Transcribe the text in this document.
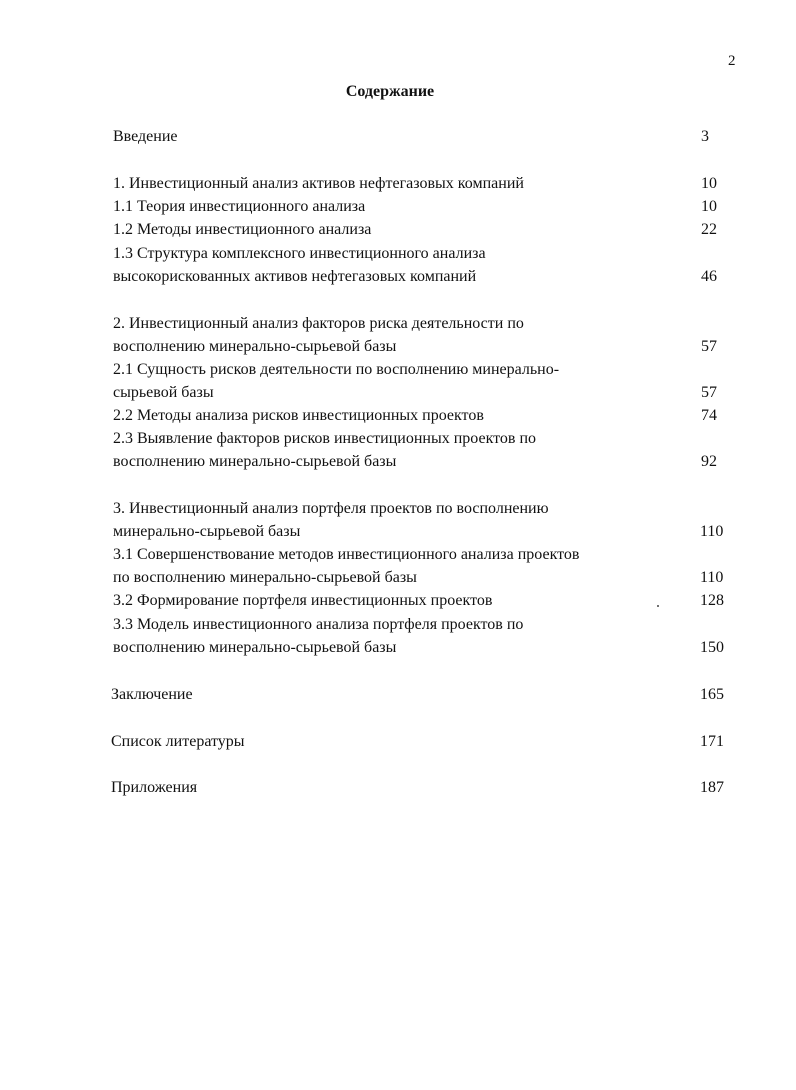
2
Содержание
Введение	3
1. Инвестиционный анализ активов нефтегазовых компаний	10
1.1 Теория инвестиционного анализа	10
1.2 Методы инвестиционного анализа	22
1.3 Структура комплексного инвестиционного анализа
высокорискованных активов нефтегазовых компаний	46
2. Инвестиционный анализ факторов риска деятельности по
восполнению минерально-сырьевой базы	57
2.1 Сущность рисков деятельности по восполнению минерально-
сырьевой базы	57
2.2 Методы анализа рисков инвестиционных проектов	74
2.3 Выявление факторов рисков инвестиционных проектов по
восполнению минерально-сырьевой базы	92
3. Инвестиционный анализ портфеля проектов по восполнению
минерально-сырьевой базы	110
3.1 Совершенствование методов инвестиционного анализа проектов
по восполнению минерально-сырьевой базы	110
3.2 Формирование портфеля инвестиционных проектов	128
3.3 Модель инвестиционного анализа портфеля проектов по
восполнению минерально-сырьевой базы	150
Заключение	165
Список литературы	171
Приложения	187
